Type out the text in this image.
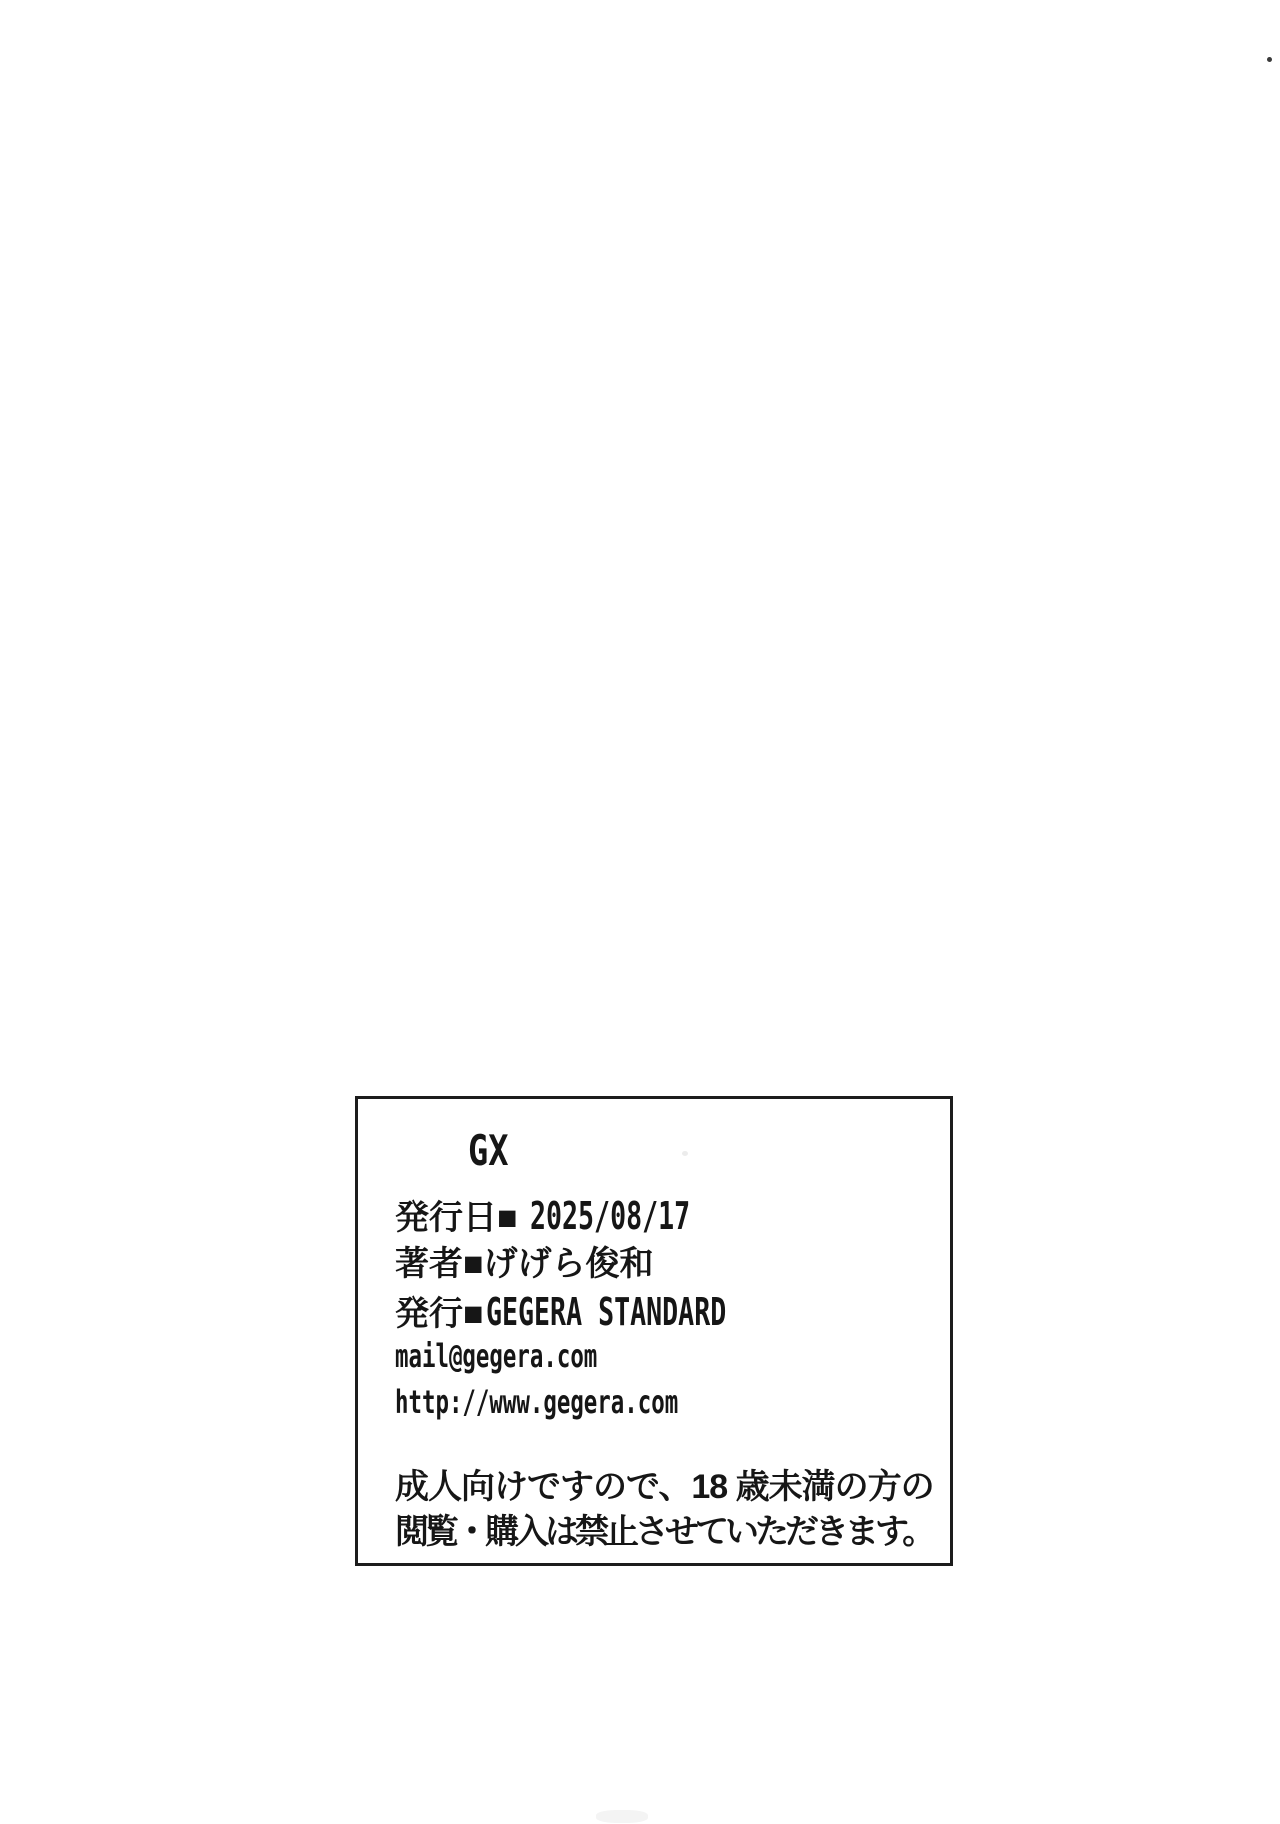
GX
発行日■ 2025/08/17
著者■ げげら俊和
発行■ GEGERA STANDARD
mail@gegera.com
http://www.gegera.com
成人向けですので、18 歳未満の方の
閲覧・購入は禁止させていただきます。
